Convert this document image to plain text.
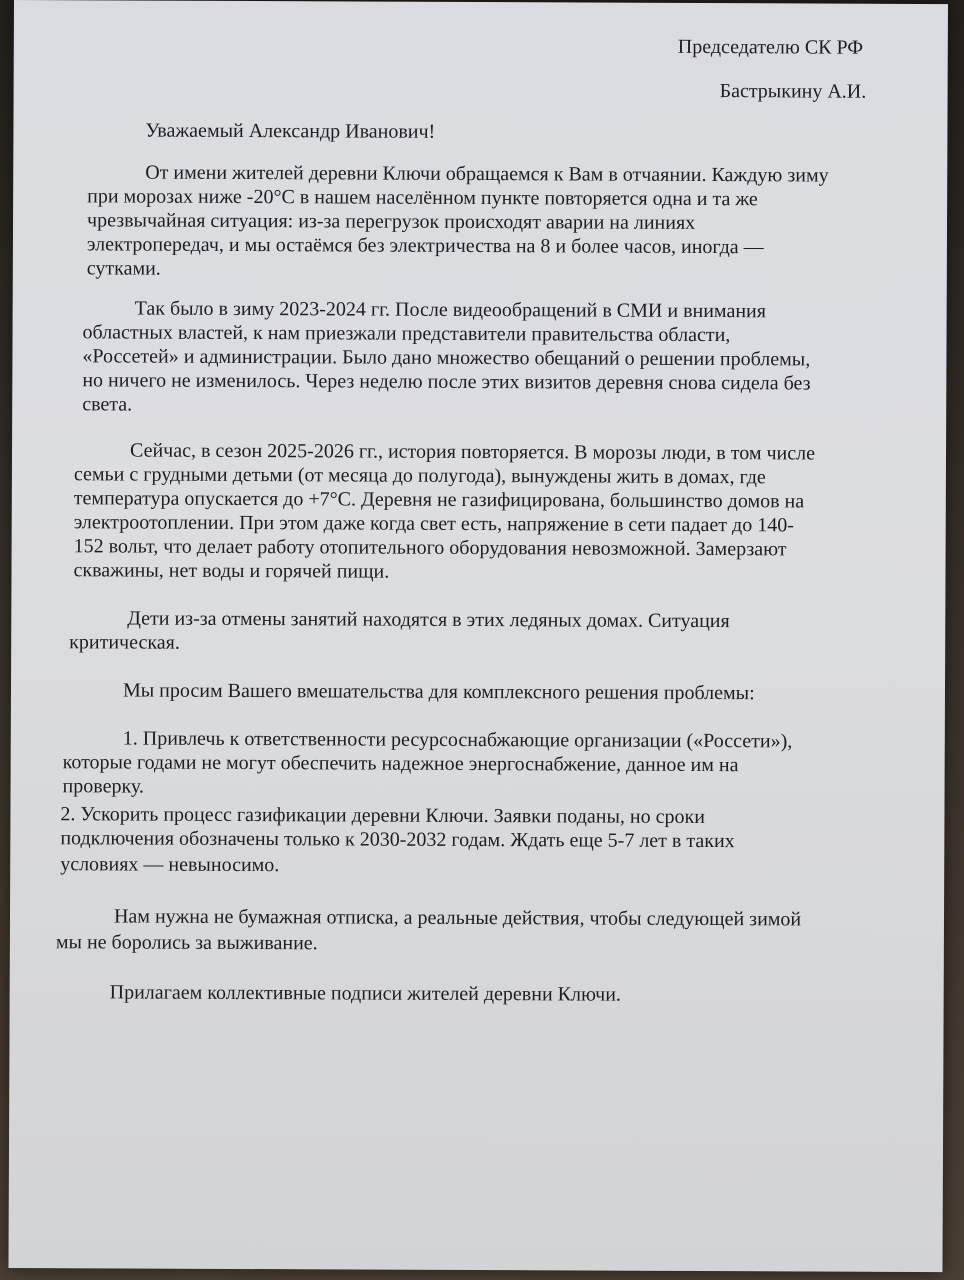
Председателю СК РФ
Бастрыкину А.И.
Уважаемый Александр Иванович!
От имени жителей деревни Ключи обращаемся к Вам в отчаянии. Каждую зиму
при морозах ниже -20°С в нашем населённом пункте повторяется одна и та же
чрезвычайная ситуация: из-за перегрузок происходят аварии на линиях
электропередач, и мы остаёмся без электричества на 8 и более часов, иногда —
сутками.
Так было в зиму 2023-2024 гг. После видеообращений в СМИ и внимания
областных властей, к нам приезжали представители правительства области,
«Россетей» и администрации. Было дано множество обещаний о решении проблемы,
но ничего не изменилось. Через неделю после этих визитов деревня снова сидела без
света.
Сейчас, в сезон 2025-2026 гг., история повторяется. В морозы люди, в том числе
семьи с грудными детьми (от месяца до полугода), вынуждены жить в домах, где
температура опускается до +7°С. Деревня не газифицирована, большинство домов на
электроотоплении. При этом даже когда свет есть, напряжение в сети падает до 140-
152 вольт, что делает работу отопительного оборудования невозможной. Замерзают
скважины, нет воды и горячей пищи.
Дети из-за отмены занятий находятся в этих ледяных домах. Ситуация
критическая.
Мы просим Вашего вмешательства для комплексного решения проблемы:
1. Привлечь к ответственности ресурсоснабжающие организации («Россети»),
которые годами не могут обеспечить надежное энергоснабжение, данное им на
проверку.
2. Ускорить процесс газификации деревни Ключи. Заявки поданы, но сроки
подключения обозначены только к 2030-2032 годам. Ждать еще 5-7 лет в таких
условиях — невыносимо.
Нам нужна не бумажная отписка, а реальные действия, чтобы следующей зимой
мы не боролись за выживание.
Прилагаем коллективные подписи жителей деревни Ключи.
